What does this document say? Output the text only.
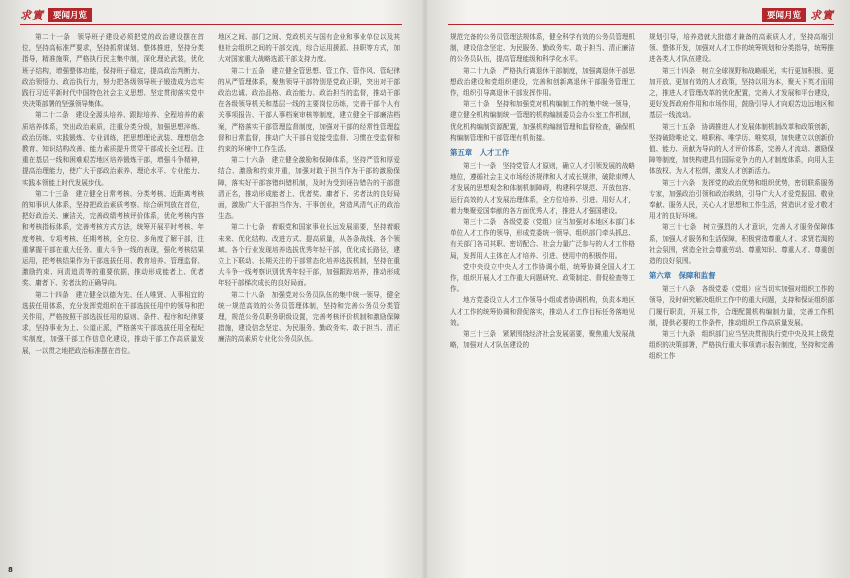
求實	要闻月览

第二十一条　领导班子建设必须把党的政治建设摆在首位，坚持高标准严要求，坚持抓常谋划、整体推进，坚持分类指导，精准施策，严格执行民主集中制，深化理论武装，优化班子结构，增强整体功能，保持班子稳定，提高政治判断力、政治领悟力、政治执行力，努力把各级领导班子锻造成为忠实践行习近平新时代中国特色社会主义思想、坚定贯彻落实党中央决策部署的坚强领导集体。

第二十二条　建设全源头培养、跟踪培养、全程培养的素质培养体系，突出政治素质，注重分类分级，加强思想淬炼、政治历练、实践锻炼、专业训练，把思想理论武装、理想信念教育、知识结构改善、能力素质提升贯穿干部成长全过程。注重在基层一线和困难艰苦地区培养锻炼干部，增强斗争精神，提高治理能力，使广大干部政治素养、理论水平、专业能力、实践本领能上时代发展步伐。

第二十三条　建立健全日常考核、分类考核、近距离考核的知事识人体系，坚持把政治素质考察、综合研判放在首位，把好政治关、廉洁关，完善政绩考核评价体系，优化考核内容和考核指标体系，完善考核方式方法，统筹开展平时考核、年度考核、专项考核、任期考核，全方位、多角度了解干部，注重掌握干部在重大任务、重大斗争一线的表现，强化考核结果运用，把考核结果作为干部选拔任用、教育培养、管理监督、激励约束、问责追责等的重要依据，推动形成能者上、优者奖、庸者下、劣者汰的正确导向。

第二十四条　建立健全以德为先、任人唯贤、人事相宜的选拔任用体系，充分发挥党组织在干部选拔任用中的领导和把关作用，严格按照干部选拔任用的原则、条件、程序和纪律要求，坚持事业为上、公道正派，严格落实干部选拔任用全程纪实制度，加强干部工作信息化建设，推动干部工作高质量发展，一以贯之地把政治标准摆在首位。

地区之间、部门之间、党政机关与国有企业和事业单位以及其他社会组织之间的干部交流，综合运用援派、挂职等方式，加大对国家重大战略选派干部支持力度。

第二十五条　建立健全管思想、管工作、管作风、管纪律的从严管理体系，聚焦领导干部特别是党政正职，突出对干部政治忠诚、政治品格、政治能力、政治担当的监督，推动干部在各级领导机关和基层一线的主要岗位历练，完善干部个人有关事项报告、干部人事档案审核等制度，建立健全干部廉洁档案，严格落实干部管理监督制度，加强对干部的经常性管理监督和日常监督，推动广大干部自觉接受监督、习惯在受监督和约束的环境中工作生活。

第二十六条　建立健全激励和保障体系，坚持严管和厚爱结合、激励和约束并重，加强对敢于担当作为干部的激励保障，落实好干部容错纠错机制，及时为受到诬告错告的干部澄清正名，推动形成能者上、优者奖、庸者下、劣者汰的良好局面，激励广大干部担当作为、干事创业，营造风清气正的政治生态。

第二十七条　着眼党和国家事业长远发展需要，坚持着眼未来、优化结构、改进方式、提高质量，从各条战线、各个领域、各个行业发现培养选拔优秀年轻干部，优化成长路径，建立上下联动、长期关注的干部常态化培养选拔机制，坚持在重大斗争一线考察识别优秀年轻干部，加强跟踪培养，推动形成年轻干部梯次成长的良好局面。

第二十八条　加强党对公务员队伍的集中统一领导，健全统一规范高效的公务员管理体制，坚持和完善公务员分类管理，规范公务员职务职级设置，完善考核评价机制和激励保障措施，建设信念坚定、为民服务、勤政务实、敢于担当、清正廉洁的高素质专业化公务员队伍。

8
要闻月览 求實

规范完备的公务员管理法规体系，健全科学有效的公务员管理机制，建设信念坚定、为民服务、勤政务实、敢于担当、清正廉洁的公务员队伍，提高管理能级和科学化水平。

第二十九条　严格执行离退休干部制度，加强离退休干部思想政治建设和党组织建设，完善和创新离退休干部服务管理工作，组织引导离退休干部发挥作用。

第三十条　坚持和加强党对机构编制工作的集中统一领导，建立健全机构编制统一管理的机构编制委员会办公室工作机制，优化机构编制资源配置，加强机构编制管理和监督检查，确保机构编制管理和干部管理有机衔接。

第五章　人才工作

第三十一条　坚持党管人才原则，确立人才引领发展的战略地位，遵循社会主义市场经济规律和人才成长规律，破除束缚人才发展的思想观念和体制机制障碍，构建科学规范、开放包容、运行高效的人才发展治理体系，全方位培养、引进、用好人才，着力集聚爱国奉献的各方面优秀人才，推进人才强国建设。

第三十二条　各级党委（党组）应当加强对本地区本部门本单位人才工作的领导，形成党委统一领导、组织部门牵头抓总、有关部门各司其职、密切配合、社会力量广泛参与的人才工作格局，发挥用人主体在人才培养、引进、使用中的积极作用。

党中央设立中央人才工作协调小组，统筹协调全国人才工作，组织开展人才工作重大问题研究、政策制定、督促检查等工作。

地方党委设立人才工作领导小组或者协调机构，负责本地区人才工作的统筹协调和督促落实，推动人才工作目标任务落地见效。

第三十三条　紧紧围绕经济社会发展需要，聚焦重大发展战略，加强对人才队伍建设的

规划引导，培养造就大批德才兼备的高素质人才，坚持高端引领、整体开发，加强对人才工作的统筹规划和分类指导，统筹推进各类人才队伍建设。

第三十四条　树立全球视野和战略眼光，实行更加积极、更加开放、更加有效的人才政策，坚持以用为本，聚天下英才而用之，推进人才管理改革的优化配置，完善人才发展和平台建设，更好发挥政府作用和市场作用，鼓励引导人才向艰苦边远地区和基层一线流动。

第三十五条　协调推进人才发展体制机制改革和政策创新，坚持破除唯论文、唯职称、唯学历、唯奖项，加快建立以创新价值、能力、贡献为导向的人才评价体系，完善人才流动、激励保障等制度，加快构建具有国际竞争力的人才制度体系，向用人主体放权、为人才松绑，激发人才创新活力。

第三十六条　发挥党的政治优势和组织优势，密切联系服务专家，加强政治引领和政治吸纳，引导广大人才爱党报国、敬业奉献、服务人民，关心人才思想和工作生活，营造识才爱才敬才用才的良好环境。

第三十七条　树立强烈的人才意识，完善人才服务保障体系，加强人才服务和生活保障，积极营造尊重人才、求贤若渴的社会氛围，营造全社会尊重劳动、尊重知识、尊重人才、尊重创造的良好氛围。

第六章　保障和监督

第三十八条　各级党委（党组）应当切实加强对组织工作的领导，及时研究解决组织工作中的重大问题，支持和保证组织部门履行职责，开展工作，合理配置机构编制力量，完善工作机制，提供必要的工作条件，推动组织工作高质量发展。

第三十九条　组织部门应当坚决贯彻执行党中央及其上级党组织的决策部署，严格执行重大事项请示报告制度，坚持和完善组织工作
